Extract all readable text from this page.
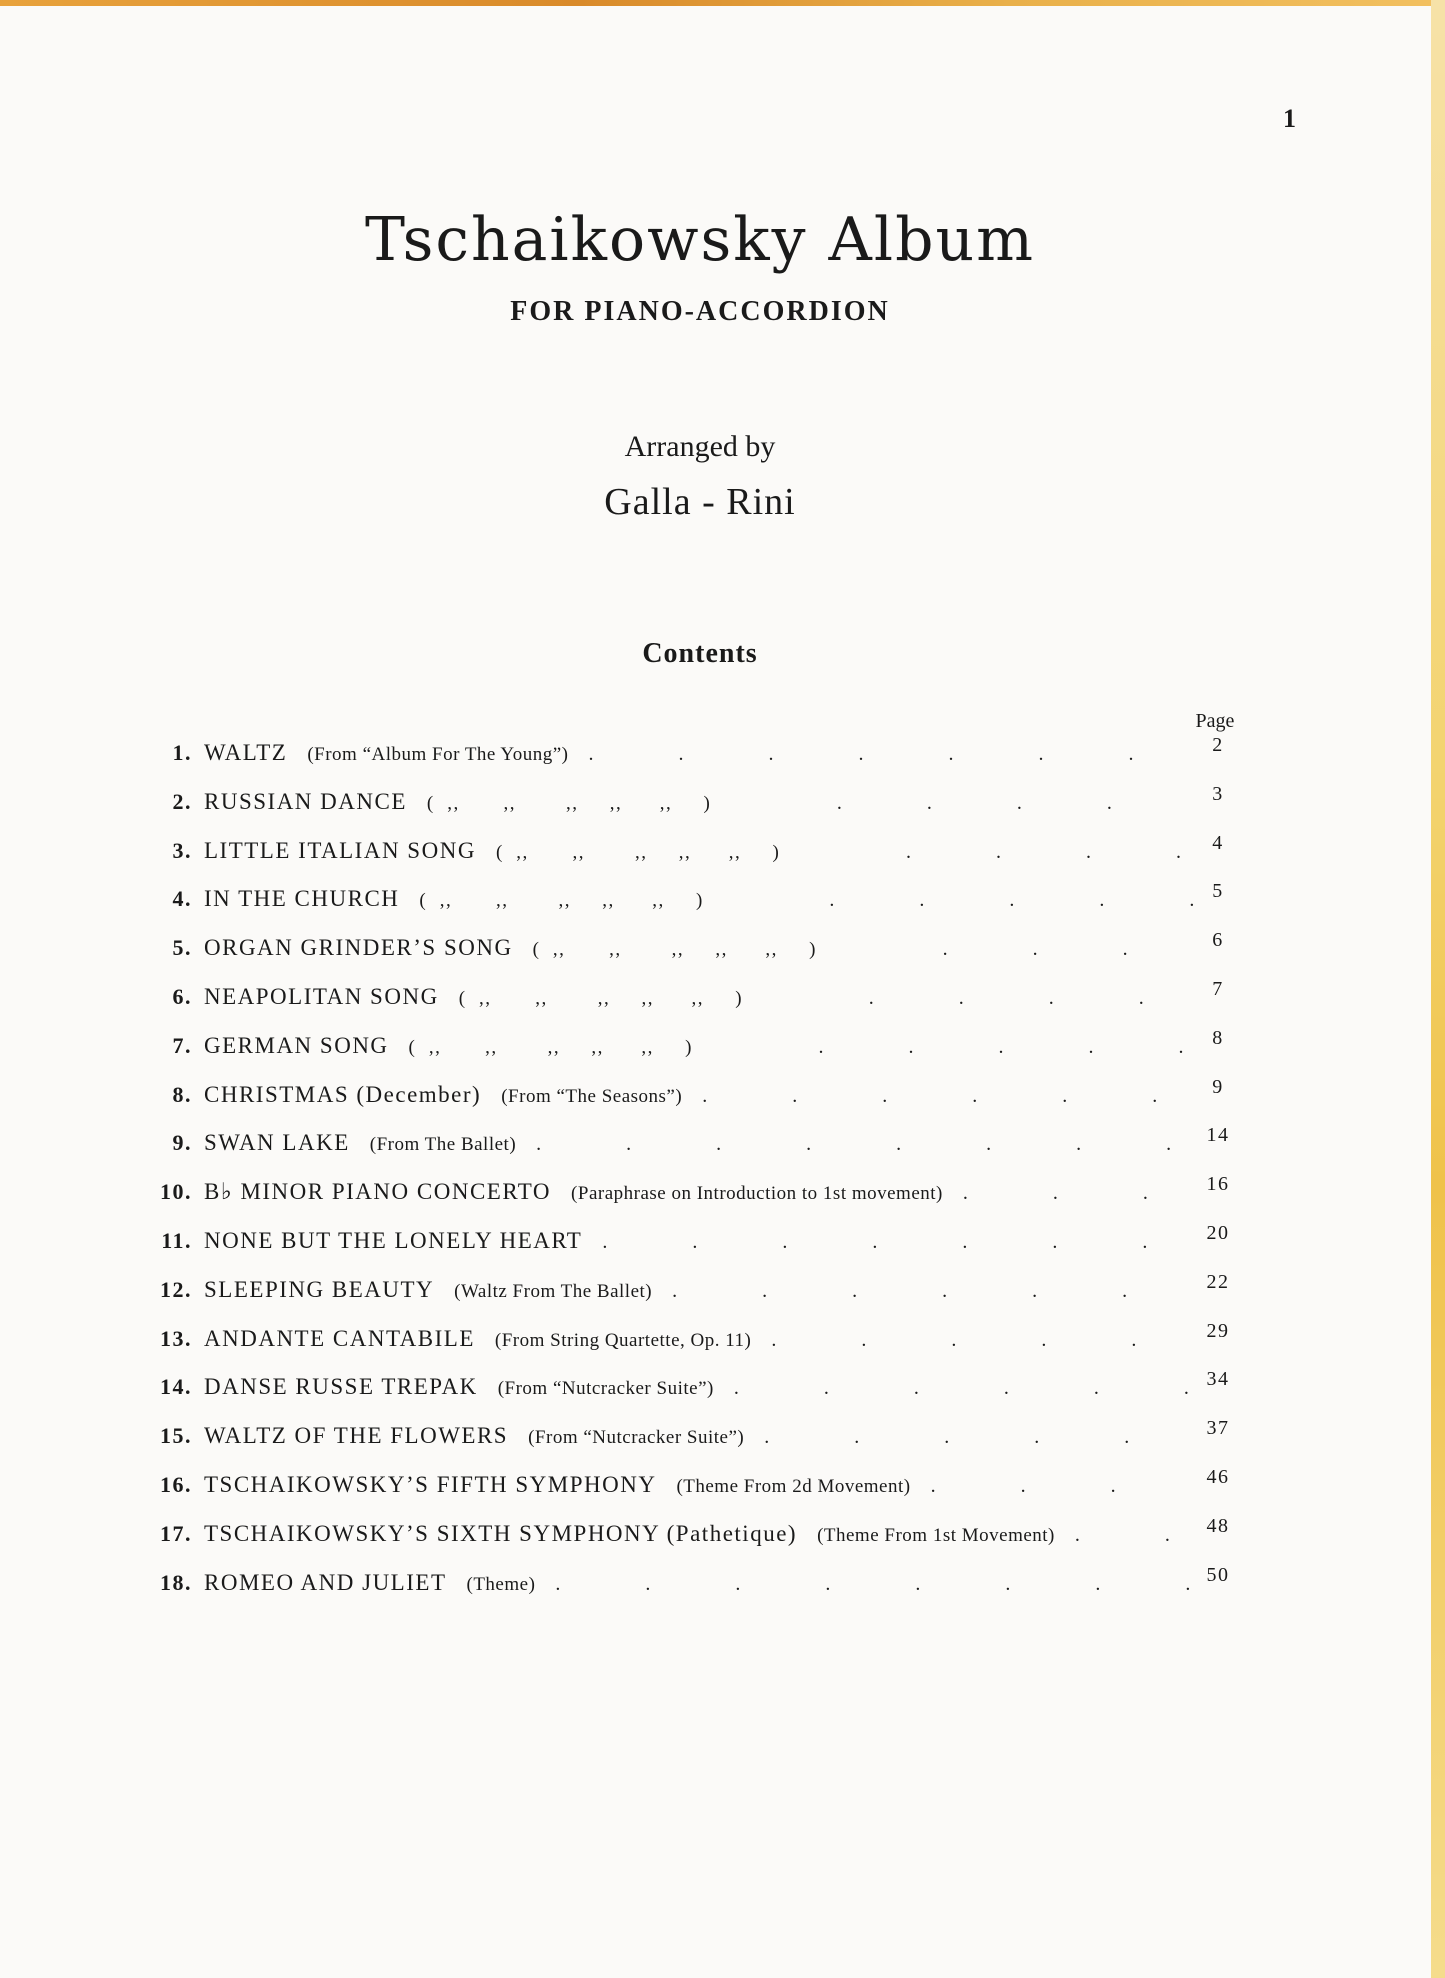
1
Tschaikowsky Album
FOR PIANO-ACCORDION
Arranged by
Galla - Rini
Contents
Page
1. WALTZ (From “Album For The Young”) .	2
2. RUSSIAN DANCE (  ,,       ,,        ,,     ,,      ,,     ) .	3
3. LITTLE ITALIAN SONG (  ,,       ,,        ,,     ,,      ,,     ) .	4
4. IN THE CHURCH (  ,,       ,,        ,,     ,,      ,,     ) .	5
5. ORGAN GRINDER’S SONG (  ,,       ,,        ,,     ,,      ,,     ) .	6
6. NEAPOLITAN SONG (  ,,       ,,        ,,     ,,      ,,     ) .	7
7. GERMAN SONG (  ,,       ,,        ,,     ,,      ,,     ) .	8
8. CHRISTMAS (December) (From “The Seasons”) .	9
9. SWAN LAKE (From The Ballet) .	14
10. B♭ MINOR PIANO CONCERTO (Paraphrase on Introduction to 1st movement) .	16
11. NONE BUT THE LONELY HEART .	20
12. SLEEPING BEAUTY (Waltz From The Ballet) .	22
13. ANDANTE CANTABILE (From String Quartette, Op. 11) .	29
14. DANSE RUSSE TREPAK (From “Nutcracker Suite”) .	34
15. WALTZ OF THE FLOWERS (From “Nutcracker Suite”) .	37
16. TSCHAIKOWSKY’S FIFTH SYMPHONY (Theme From 2d Movement) .	46
17. TSCHAIKOWSKY’S SIXTH SYMPHONY (Pathetique) (Theme From 1st Movement) .	48
18. ROMEO AND JULIET (Theme) .	50
